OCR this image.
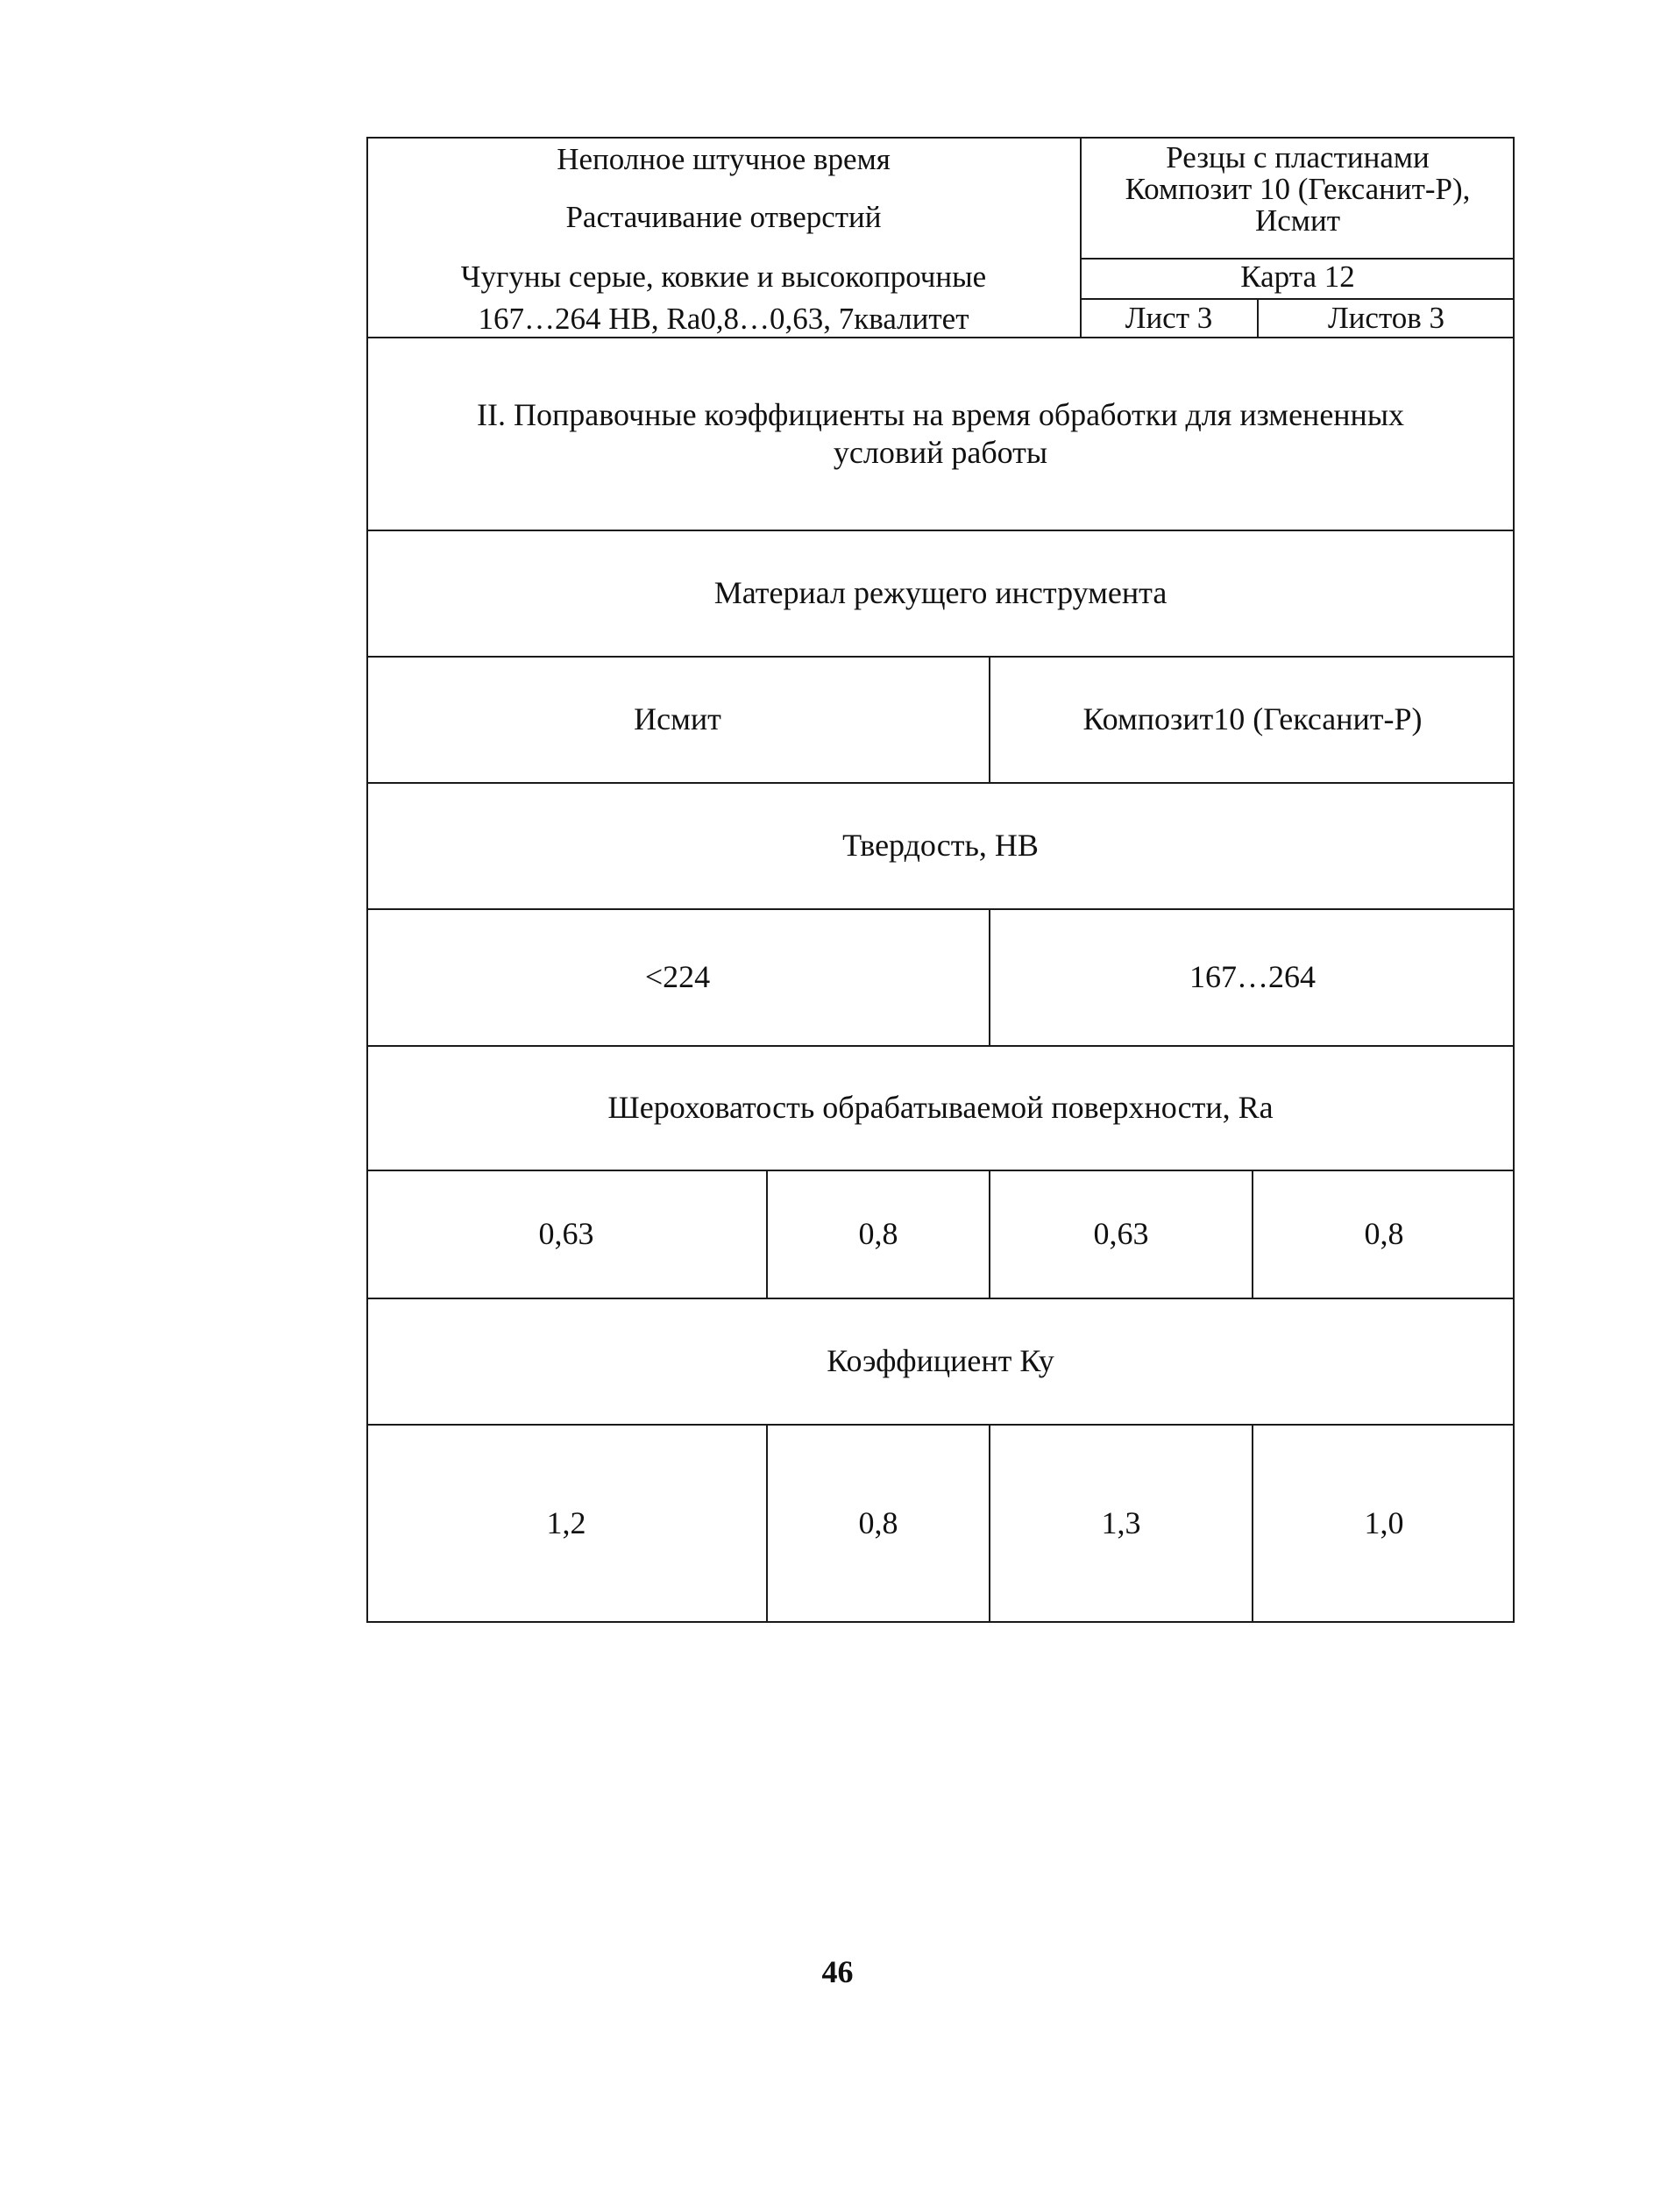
Неполное штучное время
Растачивание отверстий
Чугуны серые, ковкие и высокопрочные
167…264 НВ, Ra0,8…0,63, 7квалитет
Резцы с пластинами Композит 10 (Гексанит-Р), Исмит
Карта 12
Лист 3	Листов 3
II. Поправочные коэффициенты на время обработки для измененных условий работы
Материал режущего инструмента
Исмит	Композит10 (Гексанит-Р)
Твердость, НВ
<224	167…264
Шероховатость обрабатываемой поверхности, Ra
0,63	0,8	0,63	0,8
Коэффициент Ку
1,2	0,8	1,3	1,0
46
